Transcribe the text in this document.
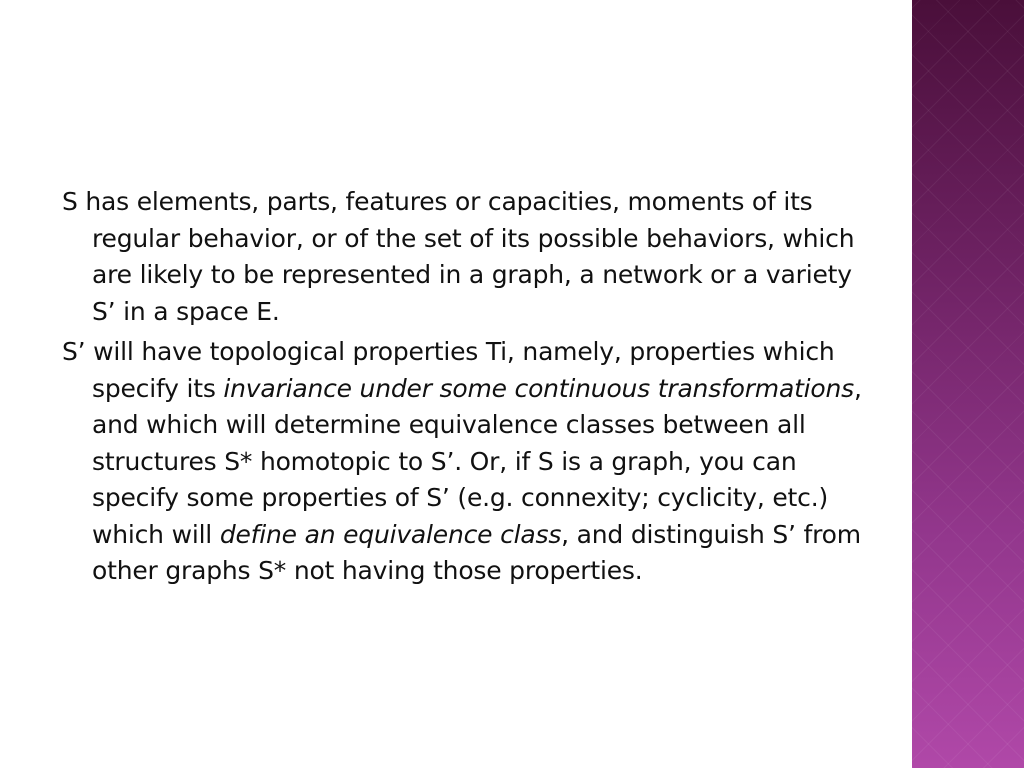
S has elements, parts, features or capacities, moments of its regular behavior, or of the set of its possible behaviors, which are likely to be represented in a graph, a network or a variety S’ in a space E.

S’ will have topological properties Ti, namely, properties which specify its invariance under some continuous transformations, and which will determine equivalence classes between all structures S* homotopic to S’. Or, if S is a graph, you can specify some properties of S’ (e.g. connexity; cyclicity, etc.) which will define an equivalence class, and distinguish S’ from other graphs S* not having those properties.
